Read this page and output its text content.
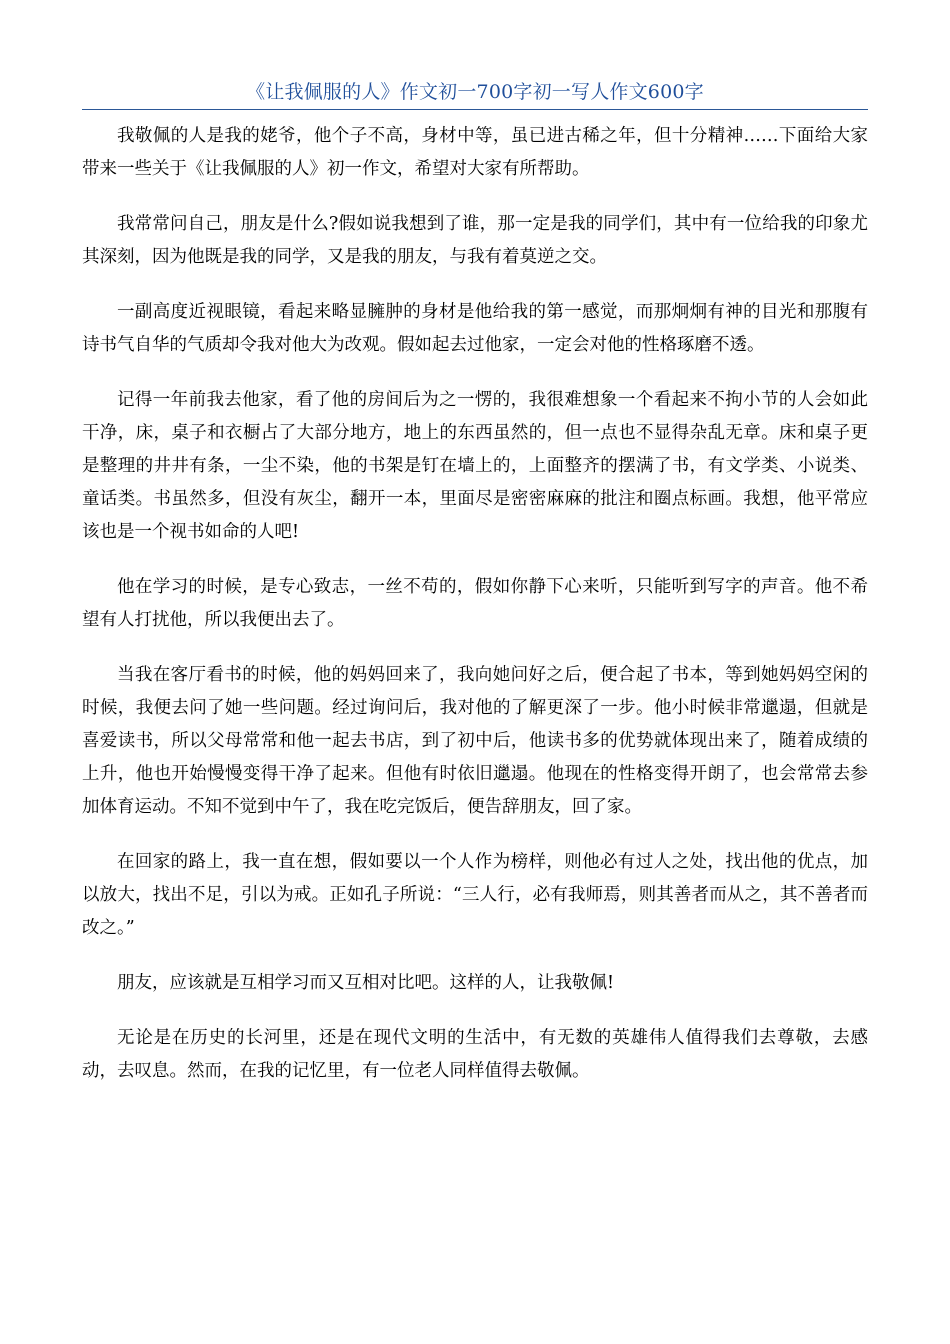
《让我佩服的人》作文初一700字初一写人作文600字

我敬佩的人是我的姥爷，他个子不高，身材中等，虽已进古稀之年，但十分精神……下面给大家带来一些关于《让我佩服的人》初一作文，希望对大家有所帮助。

我常常问自己，朋友是什么?假如说我想到了谁，那一定是我的同学们，其中有一位给我的印象尤其深刻，因为他既是我的同学，又是我的朋友，与我有着莫逆之交。

一副高度近视眼镜，看起来略显臃肿的身材是他给我的第一感觉，而那炯炯有神的目光和那腹有诗书气自华的气质却令我对他大为改观。假如起去过他家，一定会对他的性格琢磨不透。

记得一年前我去他家，看了他的房间后为之一愣的，我很难想象一个看起来不拘小节的人会如此干净，床，桌子和衣橱占了大部分地方，地上的东西虽然的，但一点也不显得杂乱无章。床和桌子更是整理的井井有条，一尘不染，他的书架是钉在墙上的，上面整齐的摆满了书，有文学类、小说类、童话类。书虽然多，但没有灰尘，翻开一本，里面尽是密密麻麻的批注和圈点标画。我想，他平常应该也是一个视书如命的人吧!

他在学习的时候，是专心致志，一丝不苟的，假如你静下心来听，只能听到写字的声音。他不希望有人打扰他，所以我便出去了。

当我在客厅看书的时候，他的妈妈回来了，我向她问好之后，便合起了书本，等到她妈妈空闲的时候，我便去问了她一些问题。经过询问后，我对他的了解更深了一步。他小时候非常邋遢，但就是喜爱读书，所以父母常常和他一起去书店，到了初中后，他读书多的优势就体现出来了，随着成绩的上升，他也开始慢慢变得干净了起来。但他有时依旧邋遢。他现在的性格变得开朗了，也会常常去参加体育运动。不知不觉到中午了，我在吃完饭后，便告辞朋友，回了家。

在回家的路上，我一直在想，假如要以一个人作为榜样，则他必有过人之处，找出他的优点，加以放大，找出不足，引以为戒。正如孔子所说：“三人行，必有我师焉，则其善者而从之，其不善者而改之。”

朋友，应该就是互相学习而又互相对比吧。这样的人，让我敬佩!

无论是在历史的长河里，还是在现代文明的生活中，有无数的英雄伟人值得我们去尊敬，去感动，去叹息。然而，在我的记忆里，有一位老人同样值得去敬佩。
